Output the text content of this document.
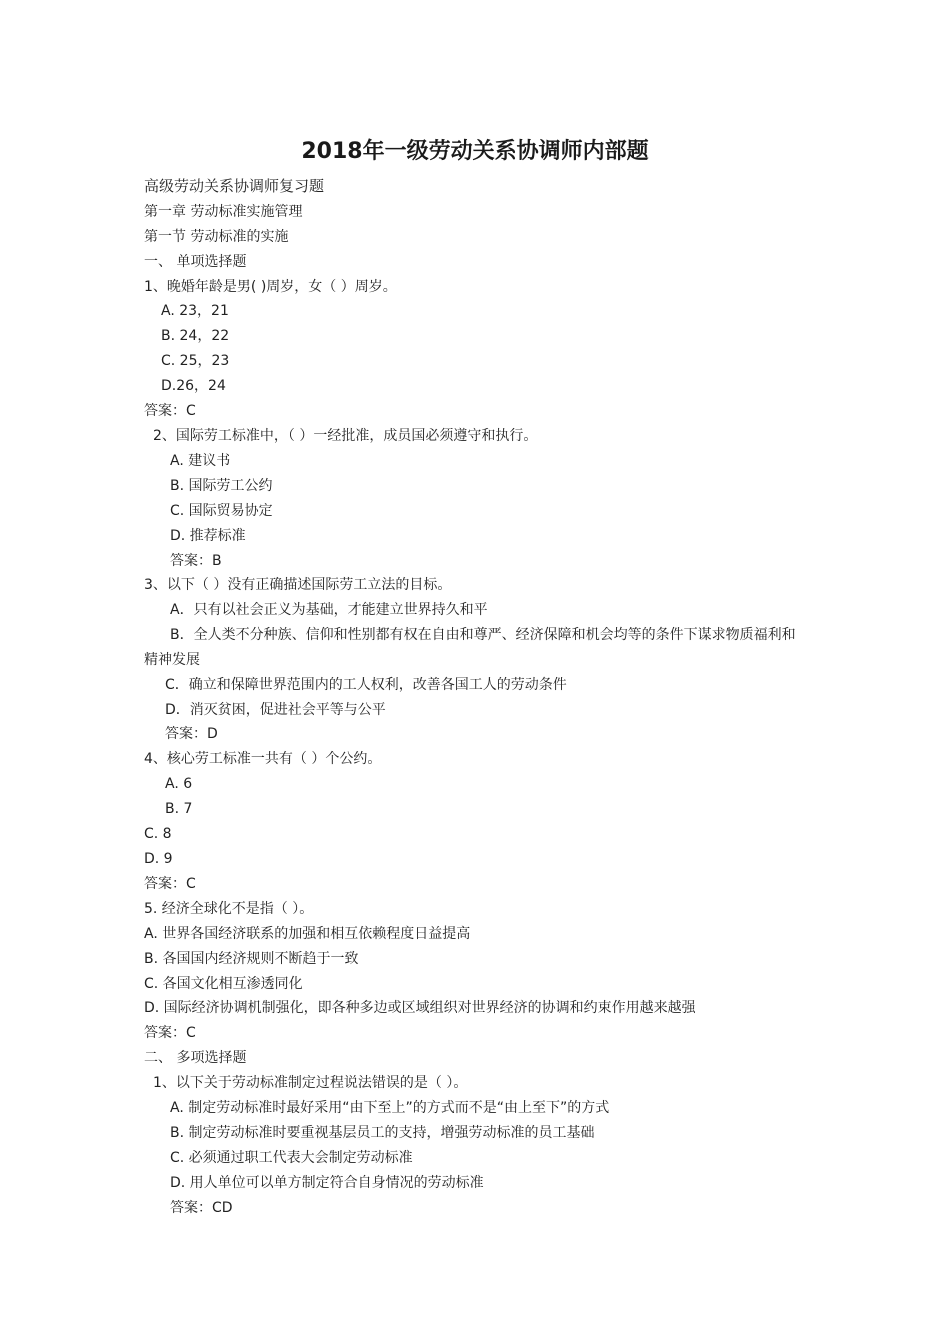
2018年一级劳动关系协调师内部题
高级劳动关系协调师复习题
第一章 劳动标准实施管理
第一节 劳动标准的实施
一、 单项选择题
1、晚婚年龄是男( )周岁，女（ ）周岁。
A. 23，21
B. 24，22
C. 25，23
D.26，24
答案：C
2、国际劳工标准中，（ ）一经批准，成员国必须遵守和执行。
A. 建议书
B. 国际劳工公约
C. 国际贸易协定
D. 推荐标准
答案：B
3、以下（ ）没有正确描述国际劳工立法的目标。
A．只有以社会正义为基础，才能建立世界持久和平
B．全人类不分种族、信仰和性别都有权在自由和尊严、经济保障和机会均等的条件下谋求物质福利和
精神发展
C．确立和保障世界范围内的工人权利，改善各国工人的劳动条件
D．消灭贫困，促进社会平等与公平
答案：D
4、核心劳工标准一共有（ ）个公约。
A. 6
B. 7
C. 8
D. 9
答案：C
5. 经济全球化不是指（ ）。
A. 世界各国经济联系的加强和相互依赖程度日益提高
B. 各国国内经济规则不断趋于一致
C. 各国文化相互渗透同化
D. 国际经济协调机制强化，即各种多边或区域组织对世界经济的协调和约束作用越来越强
答案：C
二、 多项选择题
1、以下关于劳动标准制定过程说法错误的是（ ）。
A. 制定劳动标准时最好采用“由下至上”的方式而不是“由上至下”的方式
B. 制定劳动标准时要重视基层员工的支持，增强劳动标准的员工基础
C. 必须通过职工代表大会制定劳动标准
D. 用人单位可以单方制定符合自身情况的劳动标准
答案：CD
